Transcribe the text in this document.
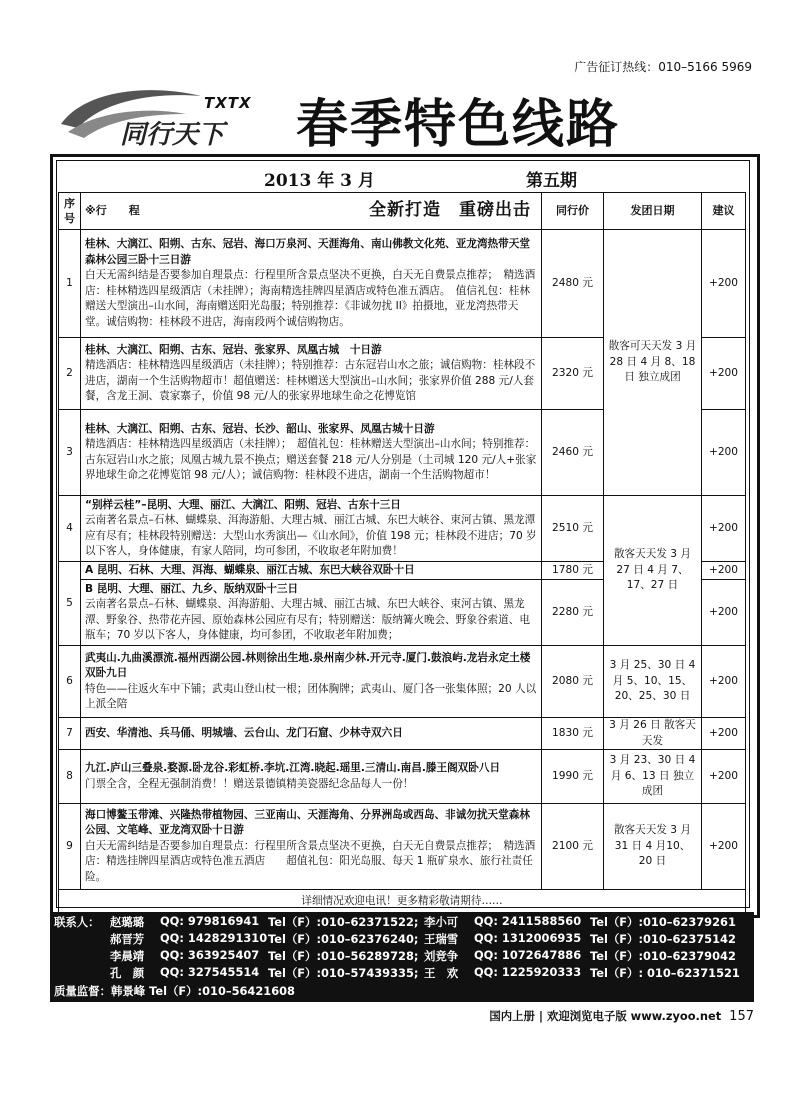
广告征订热线：010–5166 5969
TXTX
同行天下 春季特色线路
2013 年 3 月	第五期
序号	※行　　程 全新打造　重磅出击	同行价	发团日期	建议
1	桂林、大漓江、阳朔、古东、冠岩、海口万泉河、天涯海角、南山佛教文化苑、亚龙湾热带天堂森林公园三卧十三日游
白天无需纠结是否要参加自理景点：行程里所含景点坚决不更换，白天无自费景点推荐；　精选酒店：桂林精选四星级酒店（未挂牌）；海南精选挂牌四星酒店或特色准五酒店。　值信礼包：桂林赠送大型演出–山水间，海南赠送阳光岛服；特别推荐：《非诚勿扰 II》拍摄地，亚龙湾热带天堂。诚信购物：桂林段不进店，海南段两个诚信购物店。	2480 元	散客可天天发 3 月 28 日 4 月 8、18 日 独立成团	+200
2	桂林、大漓江、阳朔、古东、冠岩、张家界、凤凰古城　十日游
精选酒店：桂林精选四星级酒店（未挂牌）；特别推荐：古东冠岩山水之旅；诚信购物：桂林段不进店，湖南一个生活购物超市！超值赠送：桂林赠送大型演出–山水间；张家界价值 288 元/人套餐，含龙王洞、袁家寨子，价值 98 元/人的张家界地球生命之花博览馆	2320 元		+200
3	桂林、大漓江、阳朔、古东、冠岩、长沙、韶山、张家界、凤凰古城十日游
精选酒店：桂林精选四星级酒店（未挂牌）；　超值礼包：桂林赠送大型演出–山水间；特别推荐：古东冠岩山水之旅；凤凰古城九景不换点；赠送套餐 218 元/人分别是（土司城 120 元/人+张家界地球生命之花博览馆 98 元/人）；诚信购物：桂林段不进店，湖南一个生活购物超市！	2460 元		+200
4	“别样云桂”–昆明、大理、丽江、大漓江、阳朔、冠岩、古东十三日
云南著名景点–石林、蝴蝶泉、洱海游船、大理古城、丽江古城、东巴大峡谷、束河古镇、黑龙潭应有尽有；桂林段特别赠送：大型山水秀演出—《山水间》，价值 198 元；桂林段不进店；70 岁以下客人，身体健康，有家人陪同，均可参团，不收取老年附加费！	2510 元	散客天天发 3 月 27 日 4 月 7、17、27 日	+200
5	A 昆明、石林、大理、洱海、蝴蝶泉、丽江古城、东巴大峡谷双卧十日	1780 元		+200

	B 昆明、大理、丽江、九乡、版纳双卧十三日
云南著名景点–石林、蝴蝶泉、洱海游船、大理古城、丽江古城、东巴大峡谷、束河古镇、黑龙潭、野象谷、热带花卉园、原始森林公园应有尽有；特别赠送：版纳篝火晚会、野象谷索道、电瓶车；70 岁以下客人，身体健康，均可参团，不收取老年附加费；	2280 元		+200
6	武夷山.九曲溪漂流.福州西湖公园.林则徐出生地.泉州南少林.开元寺.厦门.鼓浪屿.龙岩永定土楼双卧九日
特色——往返火车中下铺；武夷山登山杖一根；团体胸牌；武夷山、厦门各一张集体照；20 人以上派全陪	2080 元	3 月 25、30 日 4 月 5、10、15、20、25、30 日	+200
7	西安、华清池、兵马俑、明城墙、云台山、龙门石窟、少林寺双六日	1830 元	3 月 26 日 散客天天发	+200
8	九江.庐山三叠泉.婺源.卧龙谷.彩虹桥.李坑.江湾.晓起.瑶里.三清山.南昌.滕王阁双卧八日
门票全含，全程无强制消费！！赠送景德镇精美瓷器纪念品每人一份！	1990 元	3 月 23、30 日 4 月 6、13 日 独立成团	+200
9	海口博鳌玉带滩、兴隆热带植物园、三亚南山、天涯海角、分界洲岛或西岛、非诚勿扰天堂森林公园、文笔峰、亚龙湾双卧十日游
白天无需纠结是否要参加自理景点：行程里所含景点坚决不更换，白天无自费景点推荐；　精选酒店：精选挂牌四星酒店或特色准五酒店　　超值礼包：阳光岛服、每天 1 瓶矿泉水、旅行社责任险。	2100 元	散客天天发 3 月 31 日 4 月10、20 日	+200
详细情况欢迎电讯！更多精彩敬请期待……				
联系人： 赵璐璐 QQ: 979816941 Tel（F）:010–62371522; 李小可 QQ: 2411588560 Tel（F）:010–62379261
郝晋芳 QQ: 1428291310 Tel（F）:010–62376240; 王瑞雪 QQ: 1312006935 Tel（F）:010–62375142
李晨靖 QQ: 363925407 Tel（F）:010–56289728; 刘竞争 QQ: 1072647886 Tel（F）:010–62379042
孔　颜 QQ: 327545514 Tel（F）:010–57439335; 王　欢 QQ: 1225920333 Tel（F）: 010–62371521
质量监督：韩景峰 Tel（F）:010–56421608
国内上册 | 欢迎浏览电子版 www.zyoo.net 157
